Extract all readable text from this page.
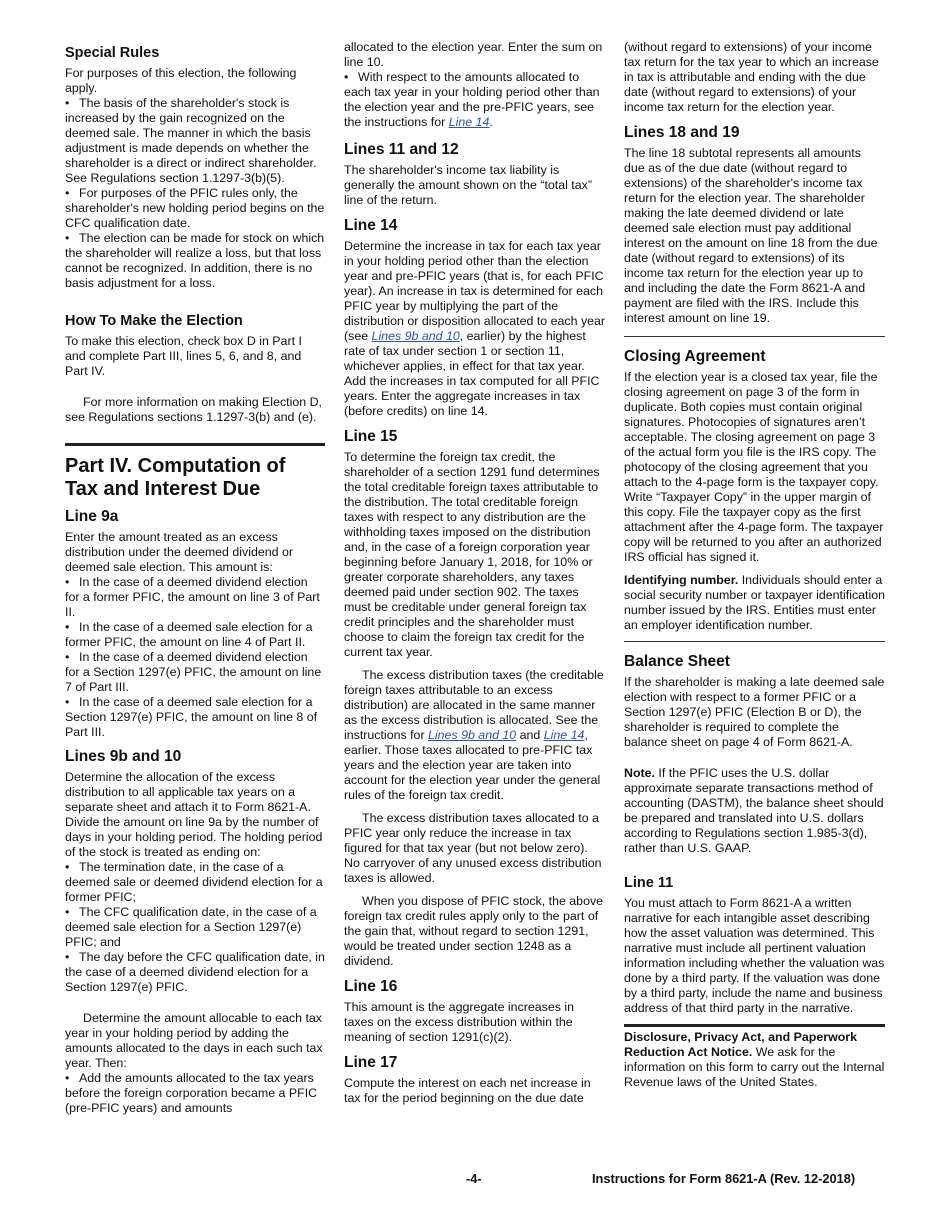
Special Rules

For purposes of this election, the following apply.

• The basis of the shareholder's stock is increased by the gain recognized on the deemed sale. The manner in which the basis adjustment is made depends on whether the shareholder is a direct or indirect shareholder. See Regulations section 1.1297-3(b)(5).

• For purposes of the PFIC rules only, the shareholder's new holding period begins on the CFC qualification date.

• The election can be made for stock on which the shareholder will realize a loss, but that loss cannot be recognized. In addition, there is no basis adjustment for a loss.

How To Make the Election

To make this election, check box D in Part I and complete Part III, lines 5, 6, and 8, and Part IV.

For more information on making Election D, see Regulations sections 1.1297-3(b) and (e).

Part IV. Computation of
Tax and Interest Due
Line 9a

Enter the amount treated as an excess distribution under the deemed dividend or deemed sale election. This amount is:

• In the case of a deemed dividend election for a former PFIC, the amount on line 3 of Part II.

• In the case of a deemed sale election for a former PFIC, the amount on line 4 of Part II.

• In the case of a deemed dividend election for a Section 1297(e) PFIC, the amount on line 7 of Part III.

• In the case of a deemed sale election for a Section 1297(e) PFIC, the amount on line 8 of Part III.

Lines 9b and 10

Determine the allocation of the excess distribution to all applicable tax years on a separate sheet and attach it to Form 8621-A. Divide the amount on line 9a by the number of days in your holding period. The holding period of the stock is treated as ending on:

• The termination date, in the case of a deemed sale or deemed dividend election for a former PFIC;

• The CFC qualification date, in the case of a deemed sale election for a Section 1297(e) PFIC; and

• The day before the CFC qualification date, in the case of a deemed dividend election for a Section 1297(e) PFIC.

Determine the amount allocable to each tax year in your holding period by adding the amounts allocated to the days in each such tax year. Then:

• Add the amounts allocated to the tax years before the foreign corporation became a PFIC (pre-PFIC years) and amounts

allocated to the election year. Enter the sum on line 10.

• With respect to the amounts allocated to each tax year in your holding period other than the election year and the pre-PFIC years, see the instructions for Line 14.

Lines 11 and 12

The shareholder's income tax liability is generally the amount shown on the “total tax” line of the return.

Line 14

Determine the increase in tax for each tax year in your holding period other than the election year and pre-PFIC years (that is, for each PFIC year). An increase in tax is determined for each PFIC year by multiplying the part of the distribution or disposition allocated to each year (see Lines 9b and 10, earlier) by the highest rate of tax under section 1 or section 11, whichever applies, in effect for that tax year. Add the increases in tax computed for all PFIC years. Enter the aggregate increases in tax (before credits) on line 14.

Line 15

To determine the foreign tax credit, the shareholder of a section 1291 fund determines the total creditable foreign taxes attributable to the distribution. The total creditable foreign taxes with respect to any distribution are the withholding taxes imposed on the distribution and, in the case of a foreign corporation year beginning before January 1, 2018, for 10% or greater corporate shareholders, any taxes deemed paid under section 902. The taxes must be creditable under general foreign tax credit principles and the shareholder must choose to claim the foreign tax credit for the current tax year.

The excess distribution taxes (the creditable foreign taxes attributable to an excess distribution) are allocated in the same manner as the excess distribution is allocated. See the instructions for Lines 9b and 10 and Line 14, earlier. Those taxes allocated to pre-PFIC tax years and the election year are taken into account for the election year under the general rules of the foreign tax credit.

The excess distribution taxes allocated to a PFIC year only reduce the increase in tax figured for that tax year (but not below zero). No carryover of any unused excess distribution taxes is allowed.

When you dispose of PFIC stock, the above foreign tax credit rules apply only to the part of the gain that, without regard to section 1291, would be treated under section 1248 as a dividend.

Line 16

This amount is the aggregate increases in taxes on the excess distribution within the meaning of section 1291(c)(2).

Line 17

Compute the interest on each net increase in tax for the period beginning on the due date

(without regard to extensions) of your income tax return for the tax year to which an increase in tax is attributable and ending with the due date (without regard to extensions) of your income tax return for the election year.

Lines 18 and 19

The line 18 subtotal represents all amounts due as of the due date (without regard to extensions) of the shareholder's income tax return for the election year. The shareholder making the late deemed dividend or late deemed sale election must pay additional interest on the amount on line 18 from the due date (without regard to extensions) of its income tax return for the election year up to and including the date the Form 8621-A and payment are filed with the IRS. Include this interest amount on line 19.

Closing Agreement

If the election year is a closed tax year, file the closing agreement on page 3 of the form in duplicate. Both copies must contain original signatures. Photocopies of signatures aren’t acceptable. The closing agreement on page 3 of the actual form you file is the IRS copy. The photocopy of the closing agreement that you attach to the 4-page form is the taxpayer copy. Write “Taxpayer Copy” in the upper margin of this copy. File the taxpayer copy as the first attachment after the 4-page form. The taxpayer copy will be returned to you after an authorized IRS official has signed it.

Identifying number. Individuals should enter a social security number or taxpayer identification number issued by the IRS. Entities must enter an employer identification number.

Balance Sheet

If the shareholder is making a late deemed sale election with respect to a former PFIC or a Section 1297(e) PFIC (Election B or D), the shareholder is required to complete the balance sheet on page 4 of Form 8621-A.

Note. If the PFIC uses the U.S. dollar approximate separate transactions method of accounting (DASTM), the balance sheet should be prepared and translated into U.S. dollars according to Regulations section 1.985-3(d), rather than U.S. GAAP.

Line 11

You must attach to Form 8621-A a written narrative for each intangible asset describing how the asset valuation was determined. This narrative must include all pertinent valuation information including whether the valuation was done by a third party. If the valuation was done by a third party, include the name and business address of that third party in the narrative.

Disclosure, Privacy Act, and Paperwork Reduction Act Notice. We ask for the information on this form to carry out the Internal Revenue laws of the United States.

-4-	Instructions for Form 8621-A (Rev. 12-2018)
